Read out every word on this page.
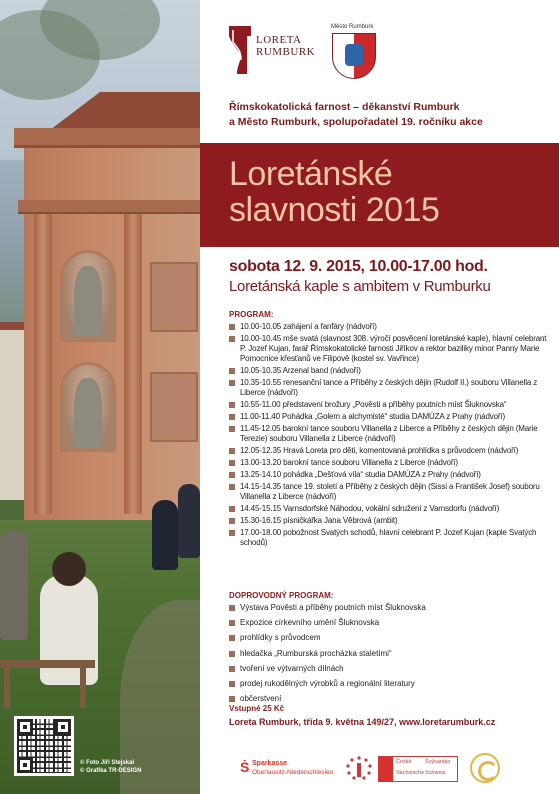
© Foto Jiří Stejskal
© Grafika TR-DESIGN
LORETA
RUMBURK
Město Rumburk
Římskokatolická farnost – děkanství Rumburk
a Město Rumburk, spolupořadatel 19. ročníku akce
Loretánské
slavnosti 2015
sobota 12. 9. 2015, 10.00-17.00 hod.
Loretánská kaple s ambitem v Rumburku
PROGRAM:
10.00-10.05 zahájení a fanfáry (nádvoří)
10.00-10.45 mše svatá (slavnost 308. výročí posvěcení loretánské kaple), hlavní celebrant P. Jozef Kujan, farář Římskokatolické farnosti Jiříkov a rektor baziliky minor Panny Marie Pomocnice křesťanů ve Filipově (kostel sv. Vavřince)
10.05-10.35 Arzenal band (nádvoří)
10.35-10.55 renesanční tance a Příběhy z českých dějin (Rudolf II.) souboru Villanella z Liberce (nádvoří)
10.55-11.00 představení brožury „Pověsti a příběhy poutních míst Šluknovska“
11.00-11.40 Pohádka „Golem a alchymisté“ studia DAMÚZA z Prahy (nádvoří)
11.45-12.05 barokní tance souboru Villanella z Liberce a Příběhy z českých dějin (Marie Terezie) souboru Villanella z Liberce (nádvoří)
12.05-12.35 Hravá Loreta pro děti, komentovaná prohlídka s průvodcem (nádvoří)
13.00-13.20 barokní tance souboru Villanella z Liberce (nádvoří)
13.25-14.10 pohádka „Dešťová víla“ studia DAMÚZA z Prahy (nádvoří)
14.15-14.35 tance 19. století a Příběhy z českých dějin (Sissi a František Josef) souboru Villanella z Liberce (nádvoří)
14.45-15.15 Varnsdorfské Náhodou, vokální sdružení z Varnsdorfu (nádvoří)
15.30-16.15 písničkářka Jana Věbrová (ambit)
17.00-18.00 pobožnost Svatých schodů, hlavní celebrant P. Jozef Kujan (kaple Svatých schodů)
DOPROVODNÝ PROGRAM:
Výstava Pověsti a příběhy poutních míst Šluknovska
Expozice církevního umění Šluknovska
prohlídky s průvodcem
hledačka „Rumburská procházka staletími“
tvoření ve výtvarných dílnách
prodej rukodělných výrobků a regionální literatury
občerstvení
Vstupné 25 Kč
Loreta Rumburk, třída 9. května 149/27, www.loretarumburk.cz
Ṡ Sparkasse
Oberlausitz-Niederschlesien
České Švýcarsko
Sächsische Schweiz
